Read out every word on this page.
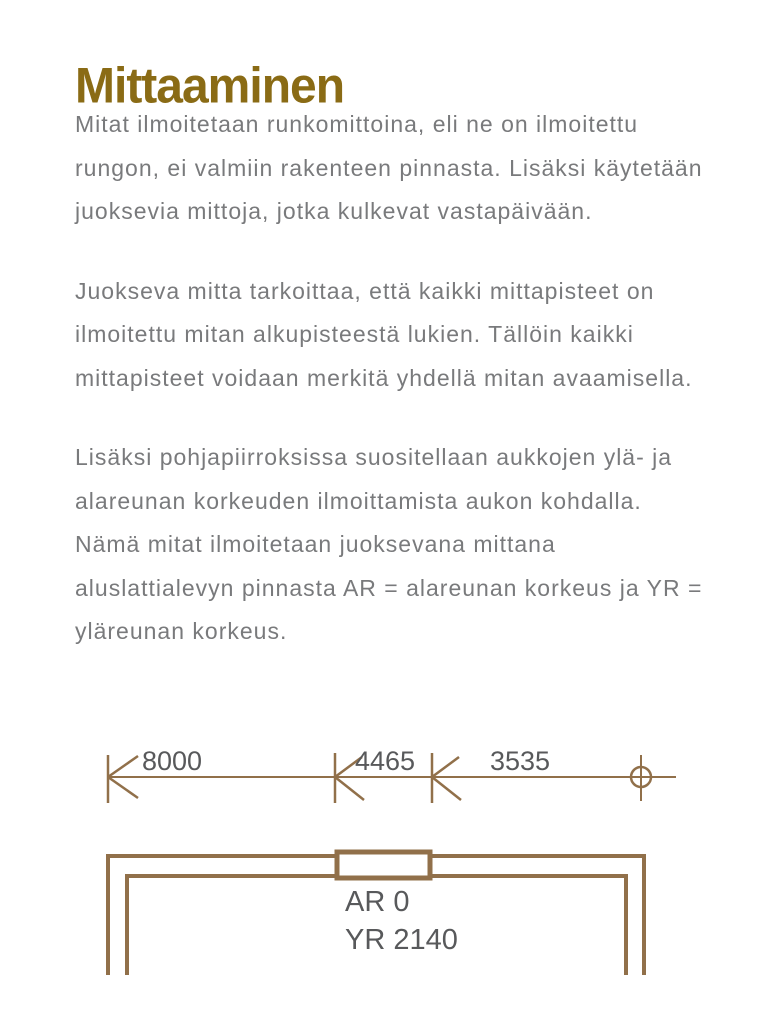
Mittaaminen
Mitat ilmoitetaan runkomittoina, eli ne on ilmoitettu
rungon, ei valmiin rakenteen pinnasta. Lisäksi käytetään
juoksevia mittoja, jotka kulkevat vastapäivään.
Juokseva mitta tarkoittaa, että kaikki mittapisteet on
ilmoitettu mitan alkupisteestä lukien. Tällöin kaikki
mittapisteet voidaan merkitä yhdellä mitan avaamisella.
Lisäksi pohjapiirroksissa suositellaan aukkojen ylä- ja
alareunan korkeuden ilmoittamista aukon kohdalla.
Nämä mitat ilmoitetaan juoksevana mittana
aluslattialevyn pinnasta AR = alareunan korkeus ja YR =
yläreunan korkeus.
8000	4465	3535
AR 0
YR 2140
